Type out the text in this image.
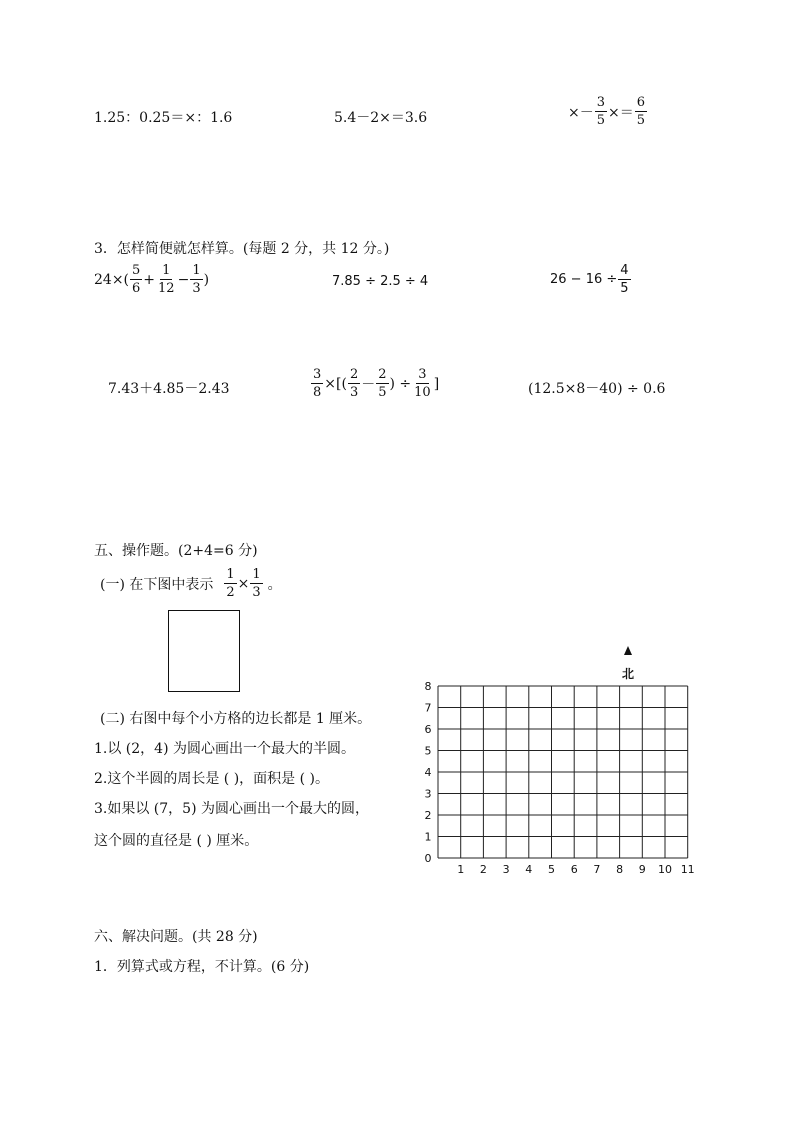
1.25：0.25＝×：1.6	5.4－2×＝3.6	×－ $\frac{3}{5} \times= \frac{6}{5}$
3．怎样简便就怎样算。(每题 2 分，共 12 分。)
$24\times( \frac{5}{6} + \frac{1}{12} - \frac{1}{3}$ )	7.85 ÷ 2.5 ÷ 4	$26 - 16 \div \frac{4}{5}$
7.43＋4.85－2.43	$\frac{3}{8}$ ×[( $\frac{2}{3} - \frac{2}{5}$ ) ÷ $\frac{3}{10}$ ]	(12.5×8－40) ÷ 0.6
五、操作题。(2+4=6 分)
(一) 在下图中表示 $\frac{1}{2} \times \frac{1}{3}$ 。
(二) 右图中每个小方格的边长都是 1 厘米。
1.以 (2，4) 为圆心画出一个最大的半圆。
2.这个半圆的周长是 ( )，面积是 ( )。
3.如果以 (7，5) 为圆心画出一个最大的圆，
这个圆的直径是 ( ) 厘米。
0
1
2
3
4
5
6
7
8
1 2 3 4 5 6 7 8 9 10 11
北
六、解决问题。(共 28 分)
1．列算式或方程，不计算。(6 分)
